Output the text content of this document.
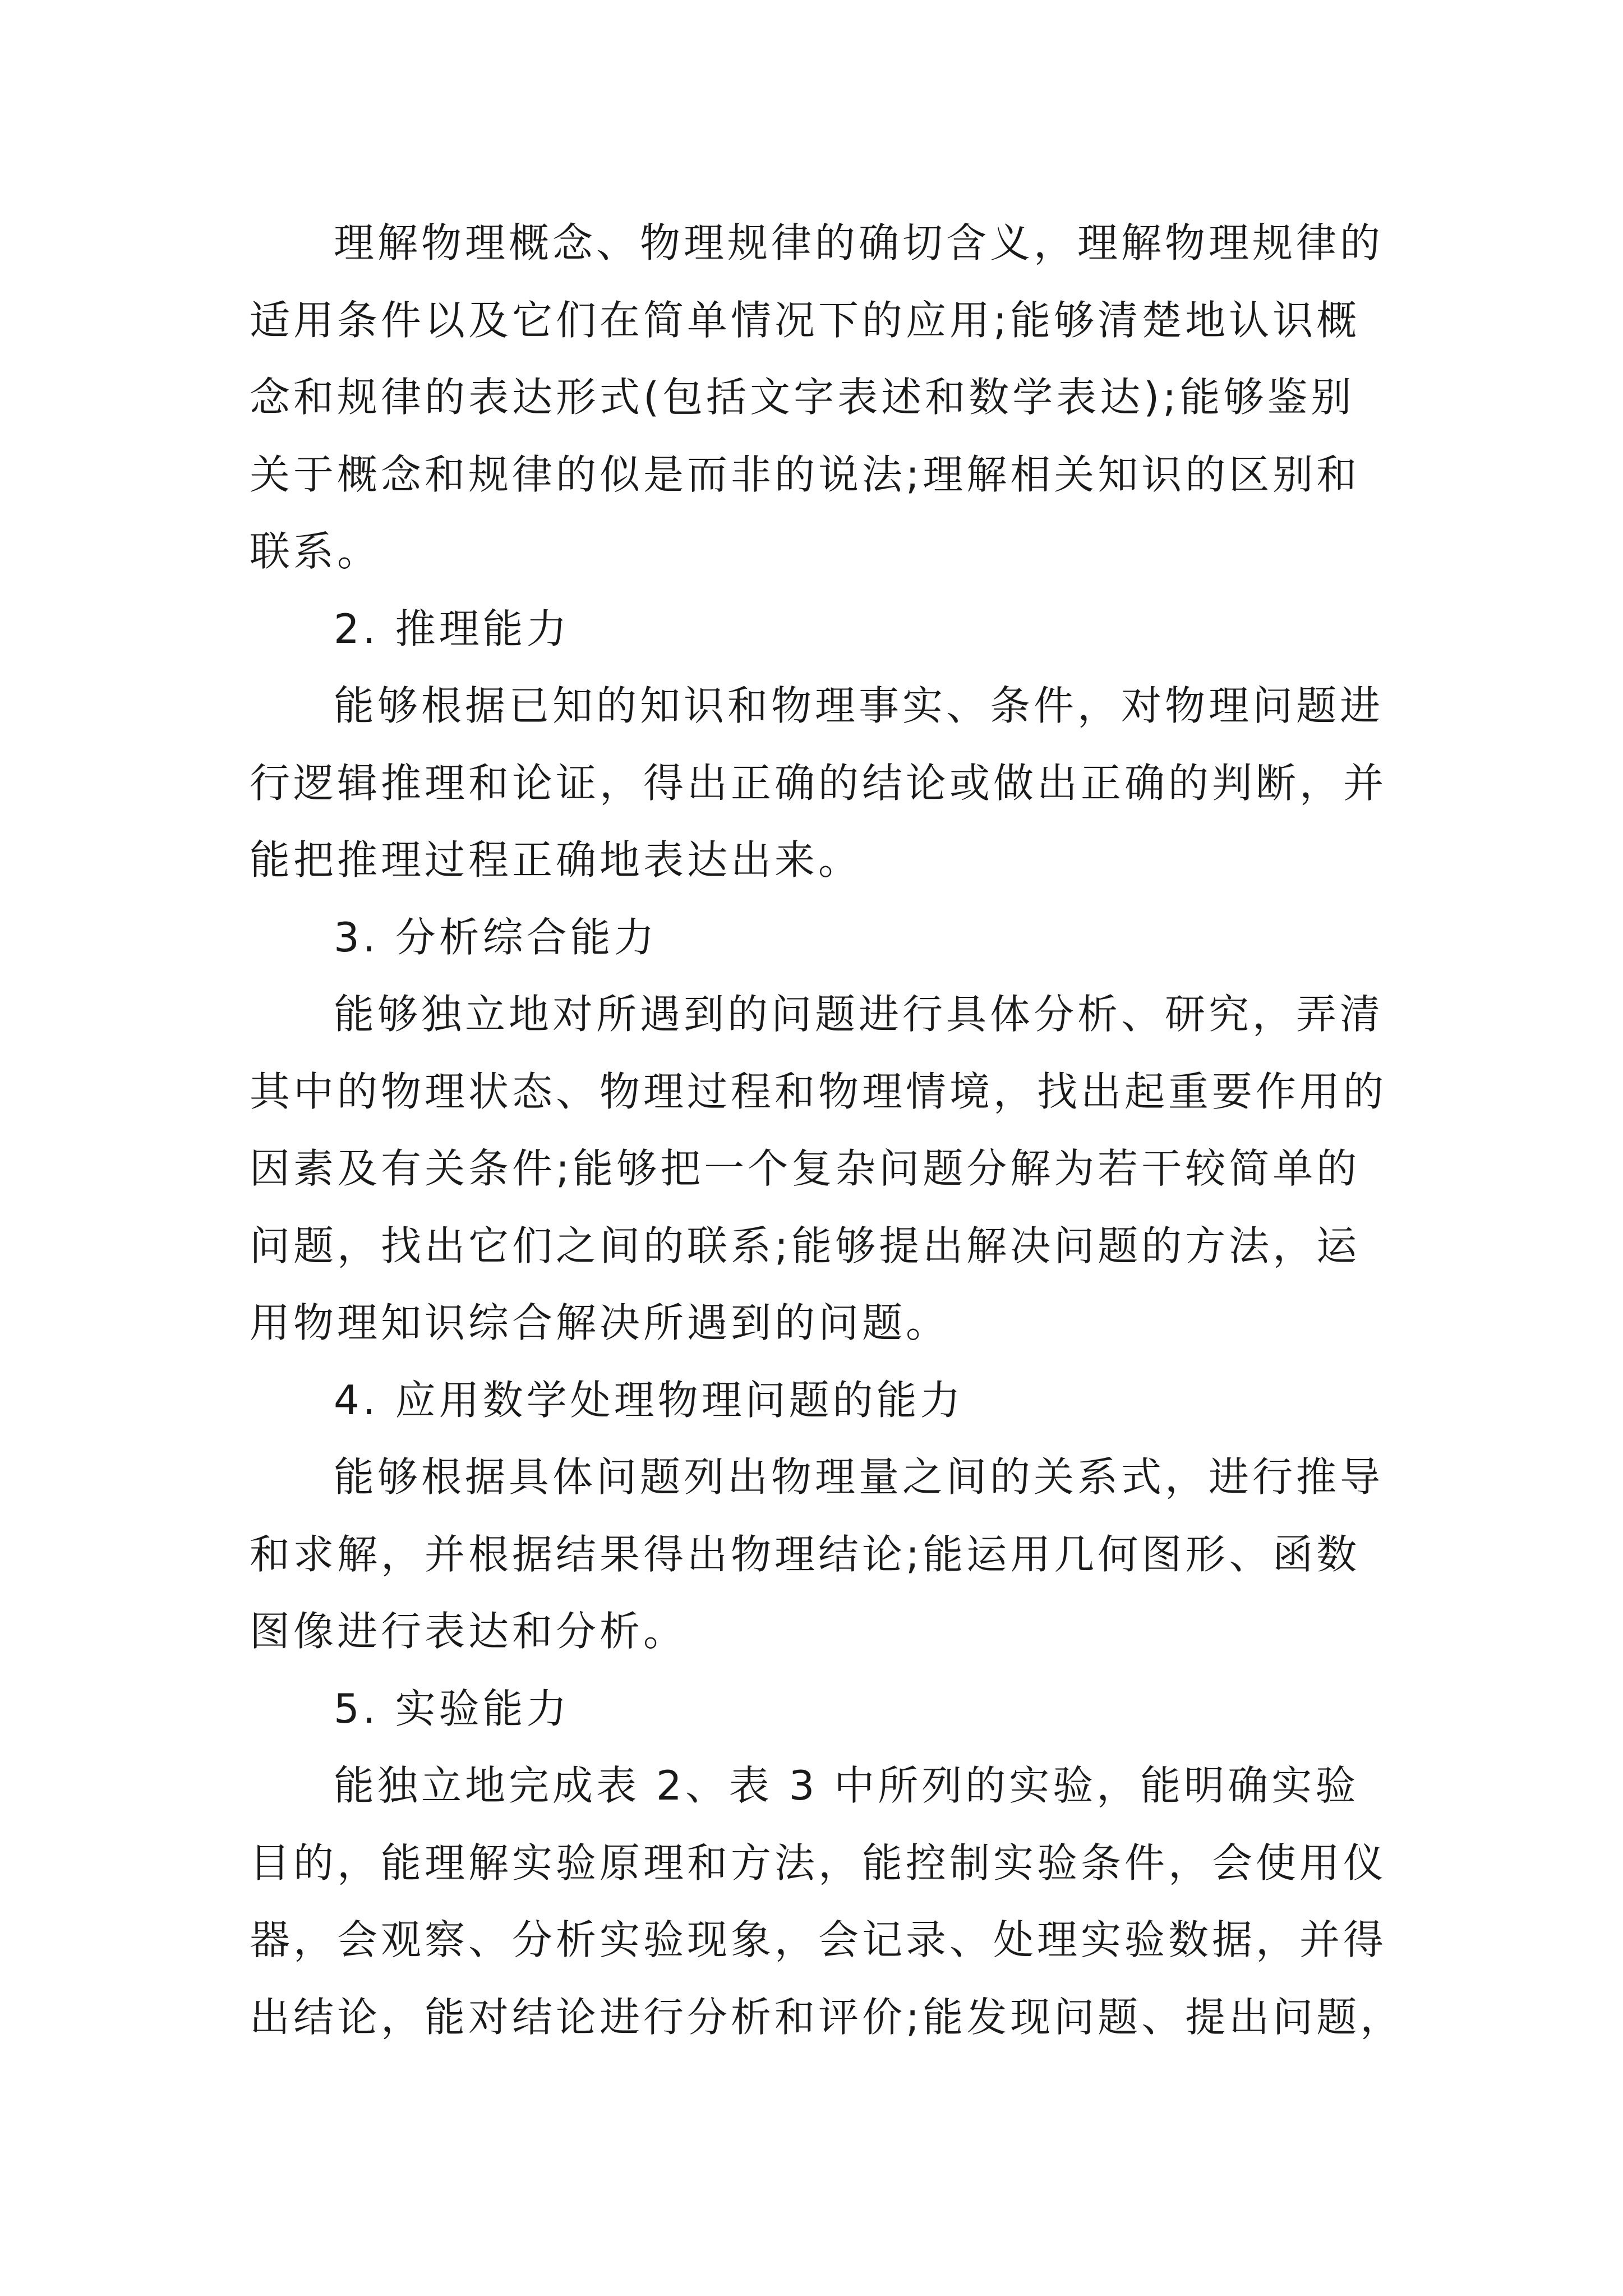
理解物理概念、物理规律的确切含义，理解物理规律的
适用条件以及它们在简单情况下的应用;能够清楚地认识概
念和规律的表达形式(包括文字表述和数学表达);能够鉴别
关于概念和规律的似是而非的说法;理解相关知识的区别和
联系。
2. 推理能力
能够根据已知的知识和物理事实、条件，对物理问题进
行逻辑推理和论证，得出正确的结论或做出正确的判断，并
能把推理过程正确地表达出来。
3. 分析综合能力
能够独立地对所遇到的问题进行具体分析、研究，弄清
其中的物理状态、物理过程和物理情境，找出起重要作用的
因素及有关条件;能够把一个复杂问题分解为若干较简单的
问题，找出它们之间的联系;能够提出解决问题的方法，运
用物理知识综合解决所遇到的问题。
4. 应用数学处理物理问题的能力
能够根据具体问题列出物理量之间的关系式，进行推导
和求解，并根据结果得出物理结论;能运用几何图形、函数
图像进行表达和分析。
5. 实验能力
能独立地完成表 2、表 3 中所列的实验，能明确实验
目的，能理解实验原理和方法，能控制实验条件，会使用仪
器，会观察、分析实验现象，会记录、处理实验数据，并得
出结论，能对结论进行分析和评价;能发现问题、提出问题，
